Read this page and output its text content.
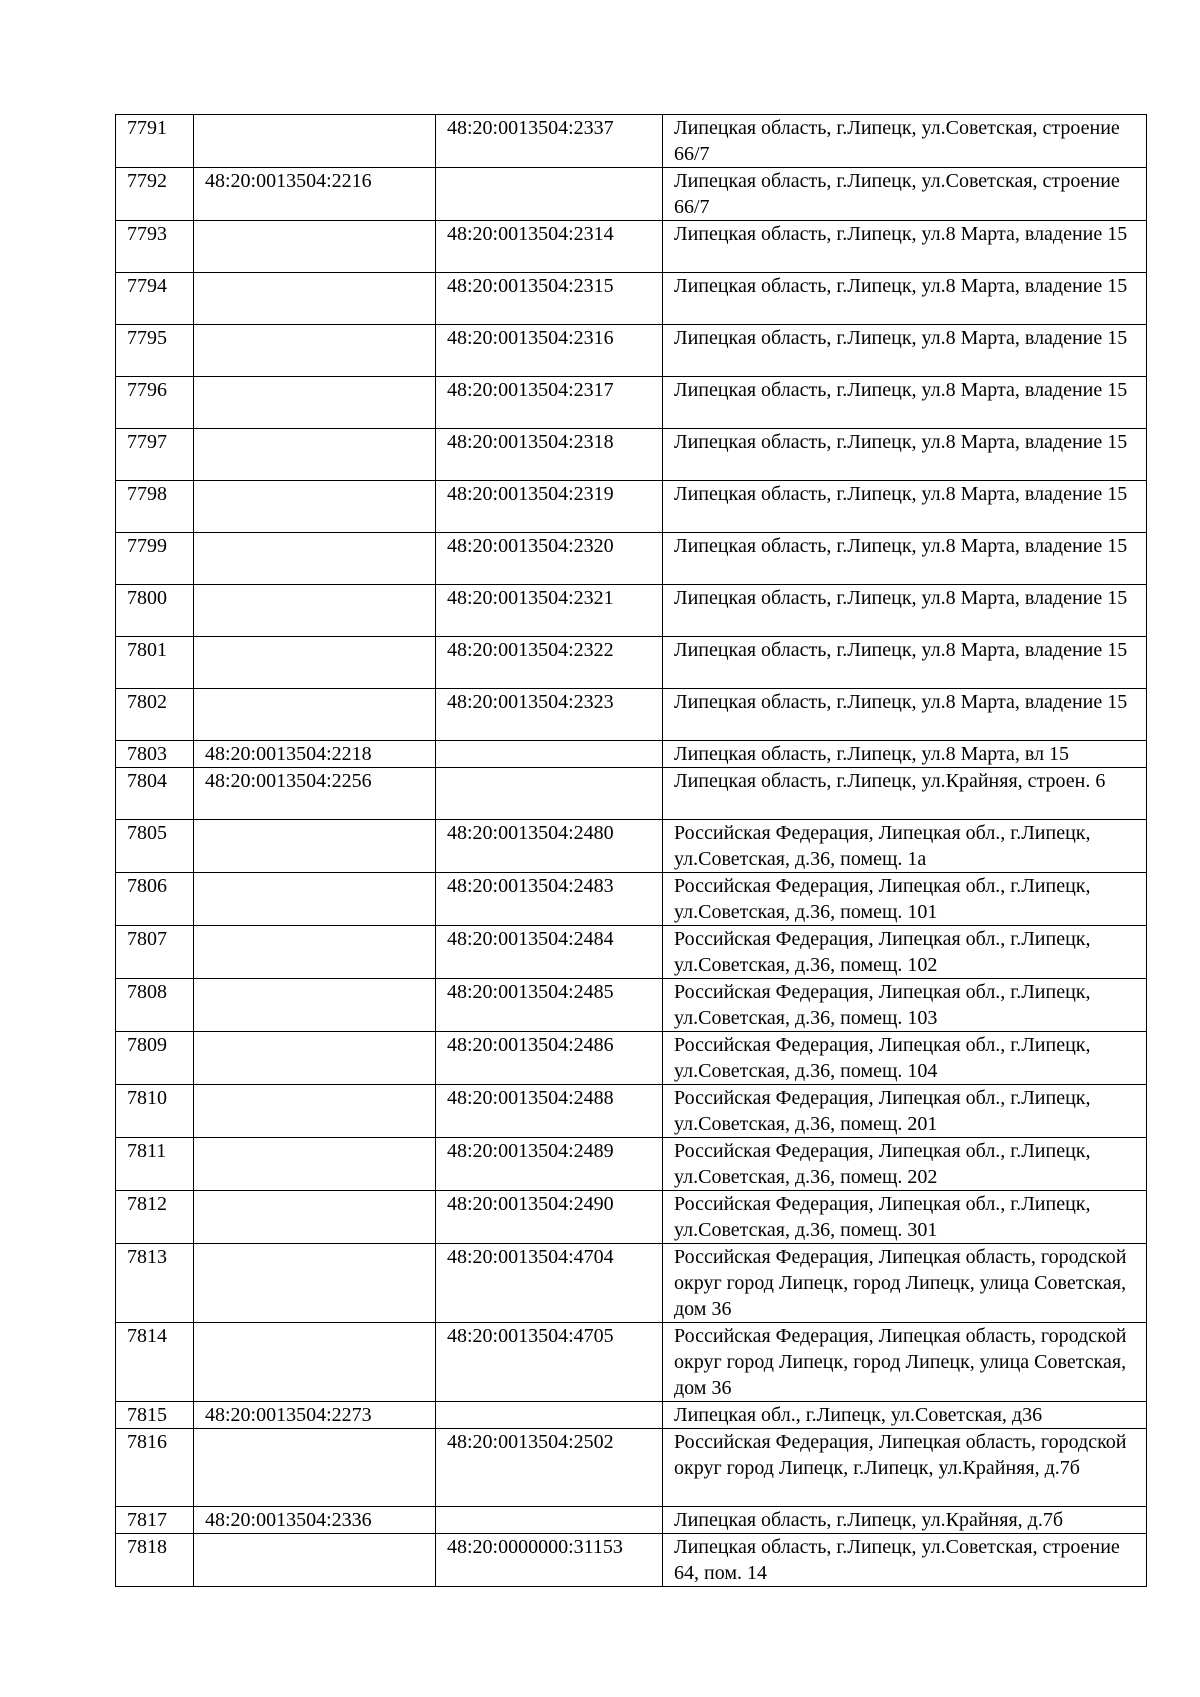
7791		48:20:0013504:2337	Липецкая область, г.Липецк, ул.Советская, строение 66/7
7792	48:20:0013504:2216		Липецкая область, г.Липецк, ул.Советская, строение 66/7
7793		48:20:0013504:2314	Липецкая область, г.Липецк, ул.8 Марта, владение 15
7794		48:20:0013504:2315	Липецкая область, г.Липецк, ул.8 Марта, владение 15
7795		48:20:0013504:2316	Липецкая область, г.Липецк, ул.8 Марта, владение 15
7796		48:20:0013504:2317	Липецкая область, г.Липецк, ул.8 Марта, владение 15
7797		48:20:0013504:2318	Липецкая область, г.Липецк, ул.8 Марта, владение 15
7798		48:20:0013504:2319	Липецкая область, г.Липецк, ул.8 Марта, владение 15
7799		48:20:0013504:2320	Липецкая область, г.Липецк, ул.8 Марта, владение 15
7800		48:20:0013504:2321	Липецкая область, г.Липецк, ул.8 Марта, владение 15
7801		48:20:0013504:2322	Липецкая область, г.Липецк, ул.8 Марта, владение 15
7802		48:20:0013504:2323	Липецкая область, г.Липецк, ул.8 Марта, владение 15
7803	48:20:0013504:2218		Липецкая область, г.Липецк, ул.8 Марта, вл 15
7804	48:20:0013504:2256		Липецкая область, г.Липецк, ул.Крайняя, строен. 6
7805		48:20:0013504:2480	Российская Федерация, Липецкая обл., г.Липецк, ул.Советская, д.36, помещ. 1а
7806		48:20:0013504:2483	Российская Федерация, Липецкая обл., г.Липецк, ул.Советская, д.36, помещ. 101
7807		48:20:0013504:2484	Российская Федерация, Липецкая обл., г.Липецк, ул.Советская, д.36, помещ. 102
7808		48:20:0013504:2485	Российская Федерация, Липецкая обл., г.Липецк, ул.Советская, д.36, помещ. 103
7809		48:20:0013504:2486	Российская Федерация, Липецкая обл., г.Липецк, ул.Советская, д.36, помещ. 104
7810		48:20:0013504:2488	Российская Федерация, Липецкая обл., г.Липецк, ул.Советская, д.36, помещ. 201
7811		48:20:0013504:2489	Российская Федерация, Липецкая обл., г.Липецк, ул.Советская, д.36, помещ. 202
7812		48:20:0013504:2490	Российская Федерация, Липецкая обл., г.Липецк, ул.Советская, д.36, помещ. 301
7813		48:20:0013504:4704	Российская Федерация, Липецкая область, городской округ город Липецк, город Липецк, улица Советская, дом 36
7814		48:20:0013504:4705	Российская Федерация, Липецкая область, городской округ город Липецк, город Липецк, улица Советская, дом 36
7815	48:20:0013504:2273		Липецкая обл., г.Липецк, ул.Советская, д36
7816		48:20:0013504:2502	Российская Федерация, Липецкая область, городской округ город Липецк, г.Липецк, ул.Крайняя, д.7б
7817	48:20:0013504:2336		Липецкая область, г.Липецк, ул.Крайняя, д.7б
7818		48:20:0000000:31153	Липецкая область, г.Липецк, ул.Советская, строение 64, пом. 14
